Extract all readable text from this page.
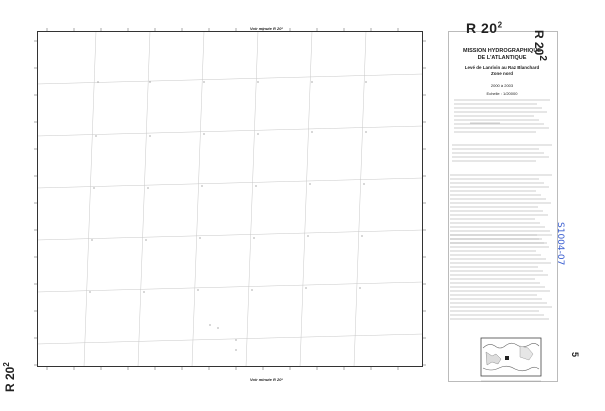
Voir minute R 20¹
Voir minute R 20³
R $20^2$
R $20^2$
R $20^2$
MISSION HYDROGRAPHIQUE
DE L'ATLANTIQUE
Levé de Lanrivin au Raz Blanchard
Zone nord
2000 à 2003
Echelle : 1/20000
S1004-07
5
